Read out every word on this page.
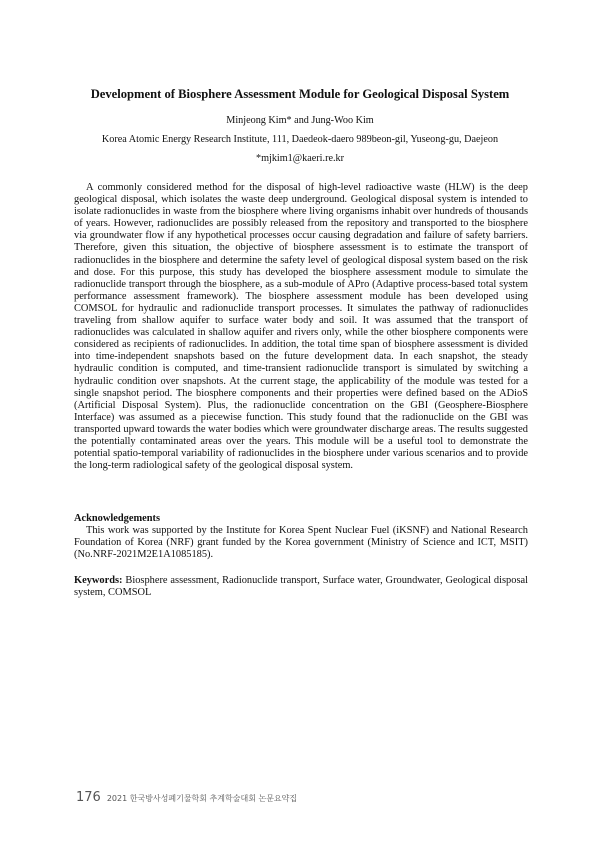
Development of Biosphere Assessment Module for Geological Disposal System
Minjeong Kim* and Jung-Woo Kim
Korea Atomic Energy Research Institute, 111, Daedeok-daero 989beon-gil, Yuseong-gu, Daejeon
*mjkim1@kaeri.re.kr

A commonly considered method for the disposal of high-level radioactive waste (HLW) is the deep geological disposal, which isolates the waste deep underground. Geological disposal system is intended to isolate radionuclides in waste from the biosphere where living organisms inhabit over hundreds of thousands of years. However, radionuclides are possibly released from the repository and transported to the biosphere via groundwater flow if any hypothetical processes occur causing degradation and failure of safety barriers. Therefore, given this situation, the objective of biosphere assessment is to estimate the transport of radionuclides in the biosphere and determine the safety level of geological disposal system based on the risk and dose. For this purpose, this study has developed the biosphere assessment module to simulate the radionuclide transport through the biosphere, as a sub-module of APro (Adaptive process-based total system performance assessment framework). The biosphere assessment module has been developed using COMSOL for hydraulic and radionuclide transport processes. It simulates the pathway of radionuclides traveling from shallow aquifer to surface water body and soil. It was assumed that the transport of radionuclides was calculated in shallow aquifer and rivers only, while the other biosphere components were considered as recipients of radionuclides. In addition, the total time span of biosphere assessment is divided into time-independent snapshots based on the future development data. In each snapshot, the steady hydraulic condition is computed, and time-transient radionuclide transport is simulated by switching a hydraulic condition over snapshots. At the current stage, the applicability of the module was tested for a single snapshot period. The biosphere components and their properties were defined based on the ADioS (Artificial Disposal System). Plus, the radionuclide concentration on the GBI (Geosphere-Biosphere Interface) was assumed as a piecewise function. This study found that the radionuclide on the GBI was transported upward towards the water bodies which were groundwater discharge areas. The results suggested the potentially contaminated areas over the years. This module will be a useful tool to demonstrate the potential spatio-temporal variability of radionuclides in the biosphere under various scenarios and to provide the long-term radiological safety of the geological disposal system.

Acknowledgements

This work was supported by the Institute for Korea Spent Nuclear Fuel (iKSNF) and National Research Foundation of Korea (NRF) grant funded by the Korea government (Ministry of Science and ICT, MSIT) (No.NRF-2021M2E1A1085185).

Keywords: Biosphere assessment, Radionuclide transport, Surface water, Groundwater, Geological disposal system, COMSOL

176 2021 한국방사성폐기물학회 추계학술대회 논문요약집
